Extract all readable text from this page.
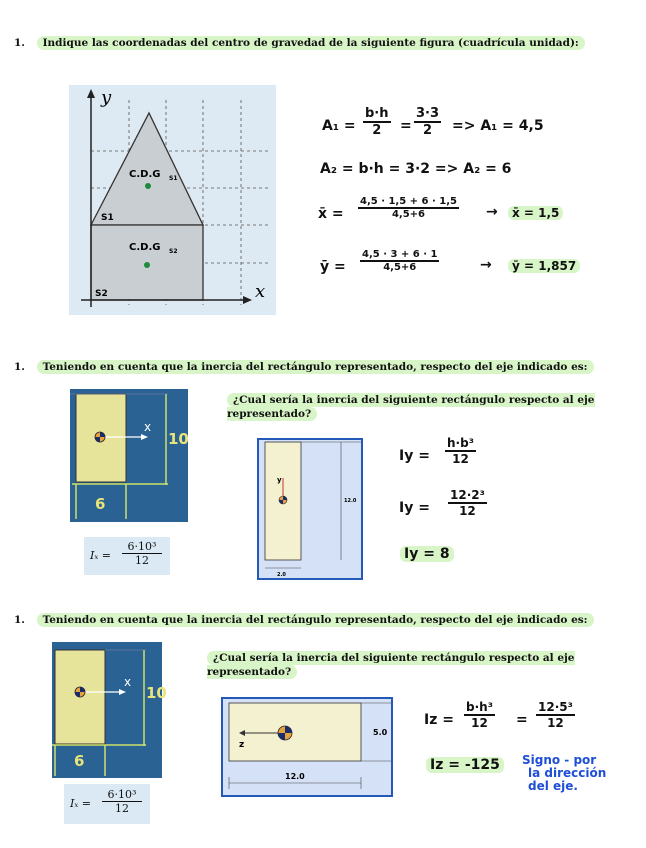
1. Indique las coordenadas del centro de gravedad de la siguiente figura (cuadrícula unidad):
y
x
C.D.G S1
C.D.G S2
S1
S2
$A_1 = \frac{b\cdot h}{2} = \frac{3\cdot 3}{2} => A_1 = 4,5$
A₂ = b·h = 3·2 => A₂ = 6
x̄ = $\frac{4,5 \cdot 1,5 + 6 \cdot 1,5}{4,5+6}$ →	x̄ = 1,5
ȳ = $\frac{4,5 \cdot 3 + 6 \cdot 1}{4,5+6}$	→	ȳ = 1,857
1. Teniendo en cuenta que la inercia del rectángulo representado, respecto del eje indicado es:
x
10
6
Iₓ =
6·10³
12
¿Cual sería la inercia del siguiente rectángulo respecto al eje representado?
y
12.0
2.0
$Iy = \frac{\text{h·b³}}{12}$
$Iy = \frac{\text{12·2³}}{12}$
Iy = 8
1. Teniendo en cuenta que la inercia del rectángulo representado, respecto del eje indicado es:
x
10
6
Iₓ =
6·10³
12
¿Cual sería la inercia del siguiente rectángulo respecto al eje representado?
z
5.0
12.0
$Iz = \frac{\text{b·h³}}{12} = \frac{\text{12·5³}}{12}$
Iz = -125	Signo - por
la dirección
del eje.
